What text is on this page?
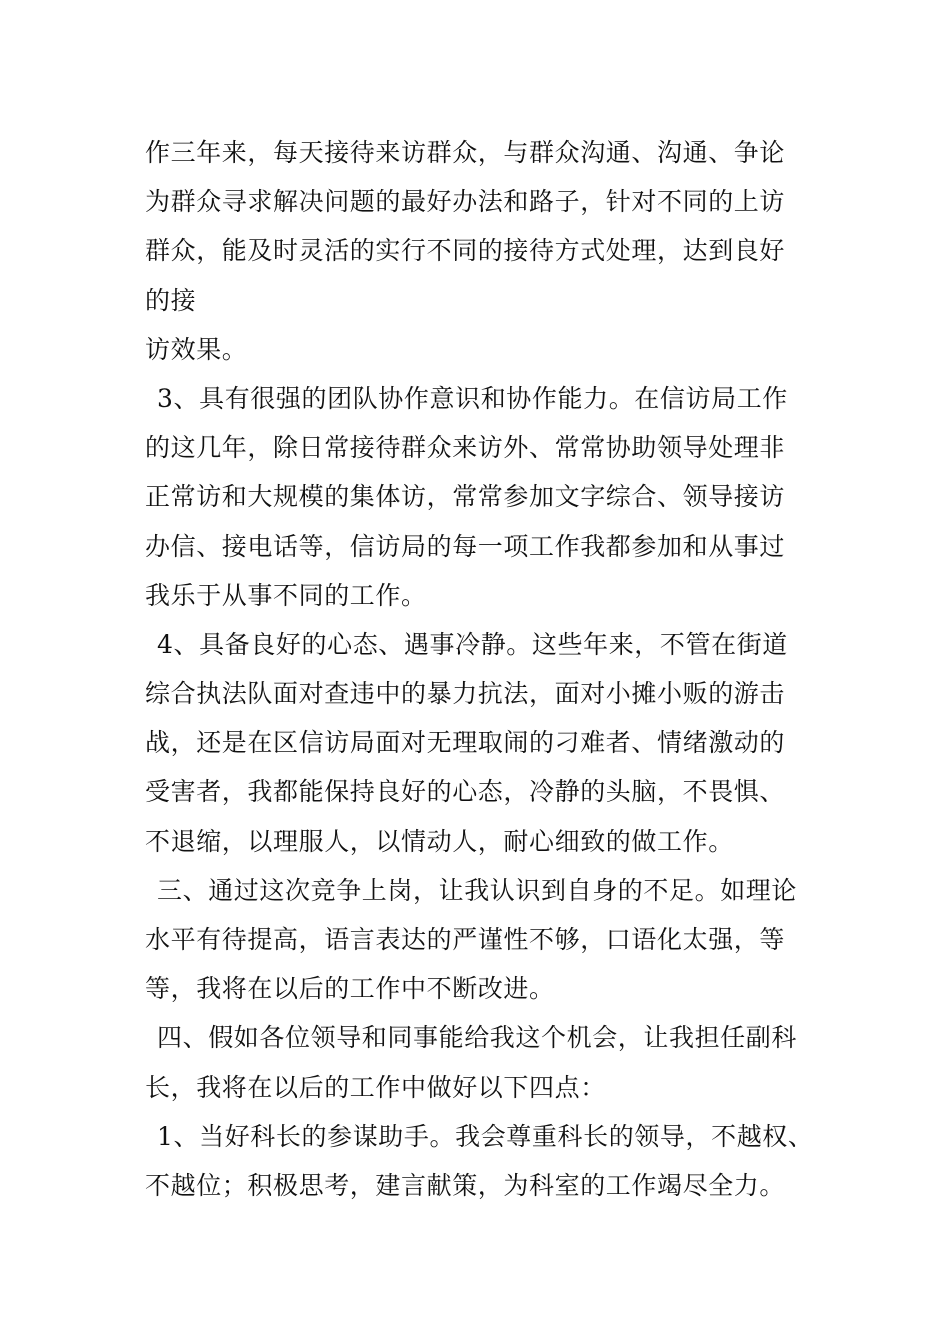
作三年来，每天接待来访群众，与群众沟通、沟通、争论
为群众寻求解决问题的最好办法和路子，针对不同的上访
群众，能及时灵活的实行不同的接待方式处理，达到良好
的接
访效果。
3、具有很强的团队协作意识和协作能力。在信访局工作
的这几年，除日常接待群众来访外、常常协助领导处理非
正常访和大规模的集体访，常常参加文字综合、领导接访
办信、接电话等，信访局的每一项工作我都参加和从事过
我乐于从事不同的工作。
4、具备良好的心态、遇事冷静。这些年来，不管在街道
综合执法队面对查违中的暴力抗法，面对小摊小贩的游击
战，还是在区信访局面对无理取闹的刁难者、情绪激动的
受害者，我都能保持良好的心态，冷静的头脑，不畏惧、
不退缩，以理服人，以情动人，耐心细致的做工作。
三、通过这次竞争上岗，让我认识到自身的不足。如理论
水平有待提高，语言表达的严谨性不够，口语化太强，等
等，我将在以后的工作中不断改进。
四、假如各位领导和同事能给我这个机会，让我担任副科
长，我将在以后的工作中做好以下四点：
1、当好科长的参谋助手。我会尊重科长的领导，不越权、
不越位；积极思考，建言献策，为科室的工作竭尽全力。
